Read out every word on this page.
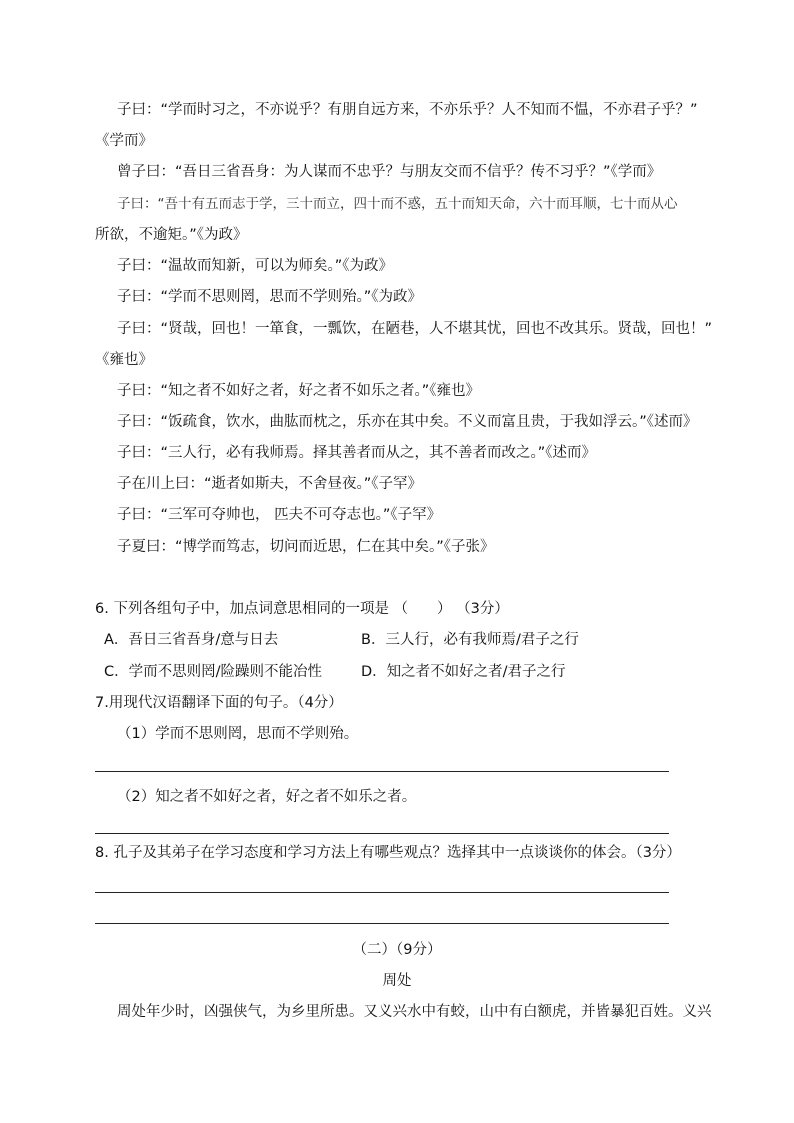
子曰：“学而时习之，不亦说乎？有朋自远方来，不亦乐乎？人不知而不愠，不亦君子乎？”
《学而》
曾子曰：“吾日三省吾身：为人谋而不忠乎？与朋友交而不信乎？传不习乎？”《学而》
子曰：“吾十有五而志于学，三十而立，四十而不惑，五十而知天命，六十而耳顺，七十而从心
所欲，不逾矩。”《为政》
子曰：“温故而知新，可以为师矣。”《为政》
子曰：“学而不思则罔，思而不学则殆。”《为政》
子曰：“贤哉，回也！一箪食，一瓢饮，在陋巷，人不堪其忧，回也不改其乐。贤哉，回也！”
《雍也》
子曰：“知之者不如好之者，好之者不如乐之者。”《雍也》
子曰：“饭疏食，饮水，曲肱而枕之，乐亦在其中矣。不义而富且贵，于我如浮云。”《述而》
子曰：“三人行，必有我师焉。择其善者而从之，其不善者而改之。”《述而》
子在川上曰：“逝者如斯夫，不舍昼夜。”《子罕》
子曰：“三军可夺帅也， 匹夫不可夺志也。”《子罕》
子夏曰：“博学而笃志，切问而近思，仁在其中矣。”《子张》
6. 下列各组句子中，加点词意思相同的一项是 （　　） （3分）
A．吾日三省吾身/意与日去	B．三人行，必有我师焉/君子之行
C．学而不思则罔/险躁则不能冶性	D．知之者不如好之者/君子之行
7.用现代汉语翻译下面的句子。（4分）
（1）学而不思则罔，思而不学则殆。
（2）知之者不如好之者，好之者不如乐之者。
8. 孔子及其弟子在学习态度和学习方法上有哪些观点？选择其中一点谈谈你的体会。（3分）
（二）（9分）
周处
周处年少时，凶强侠气，为乡里所患。又义兴水中有蛟，山中有白额虎，并皆暴犯百姓。义兴
